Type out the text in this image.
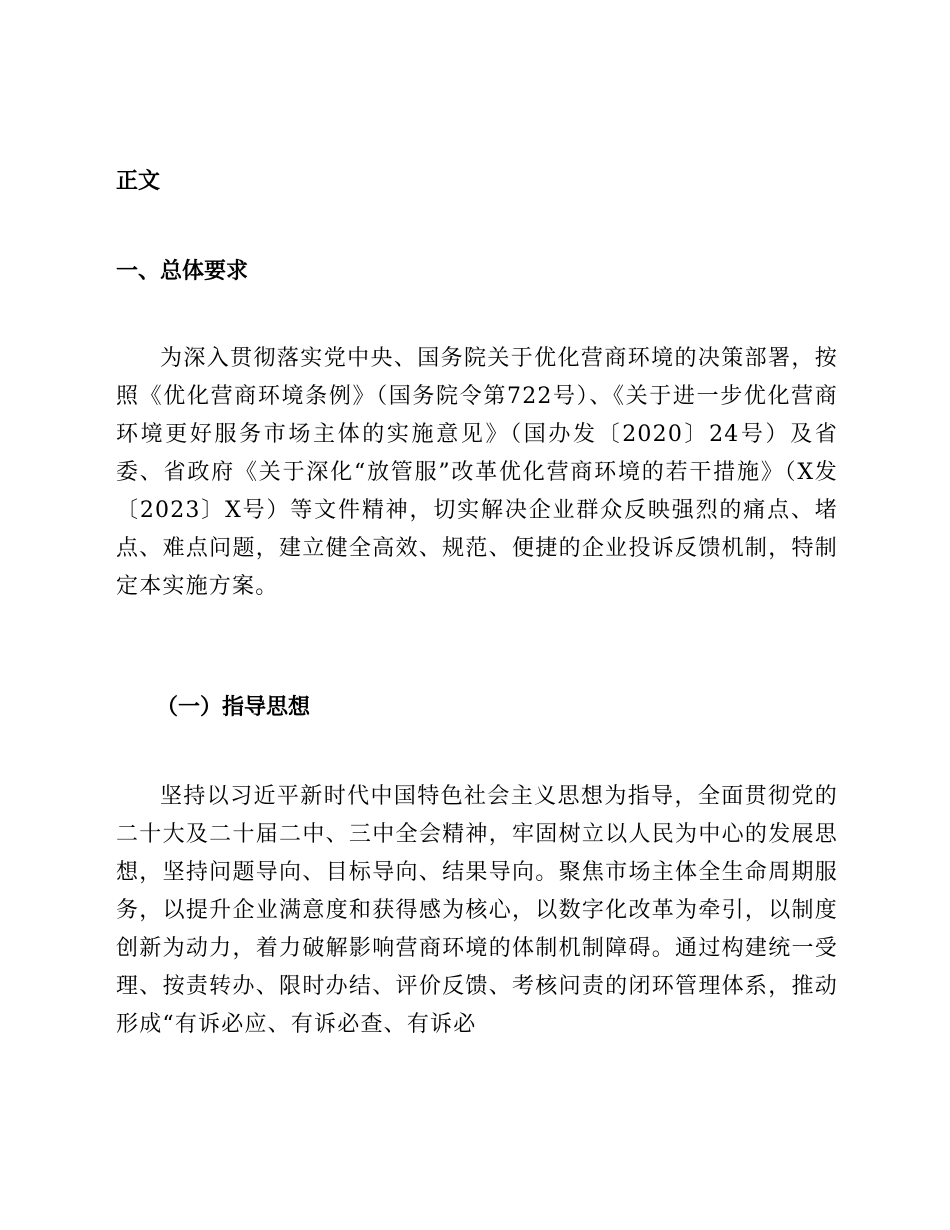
正文
一、总体要求

为深入贯彻落实党中央、国务院关于优化营商环境的决策部署，按照《优化营商环境条例》（国务院令第722号）、《关于进一步优化营商环境更好服务市场主体的实施意见》（国办发〔2020〕24号）及省委、省政府《关于深化“放管服”改革优化营商环境的若干措施》（X发〔2023〕X号）等文件精神，切实解决企业群众反映强烈的痛点、堵点、难点问题，建立健全高效、规范、便捷的企业投诉反馈机制，特制定本实施方案。

（一）指导思想

坚持以习近平新时代中国特色社会主义思想为指导，全面贯彻党的二十大及二十届二中、三中全会精神，牢固树立以人民为中心的发展思想，坚持问题导向、目标导向、结果导向。聚焦市场主体全生命周期服务，以提升企业满意度和获得感为核心，以数字化改革为牵引，以制度创新为动力，着力破解影响营商环境的体制机制障碍。通过构建统一受理、按责转办、限时办结、评价反馈、考核问责的闭环管理体系，推动形成“有诉必应、有诉必查、有诉必
